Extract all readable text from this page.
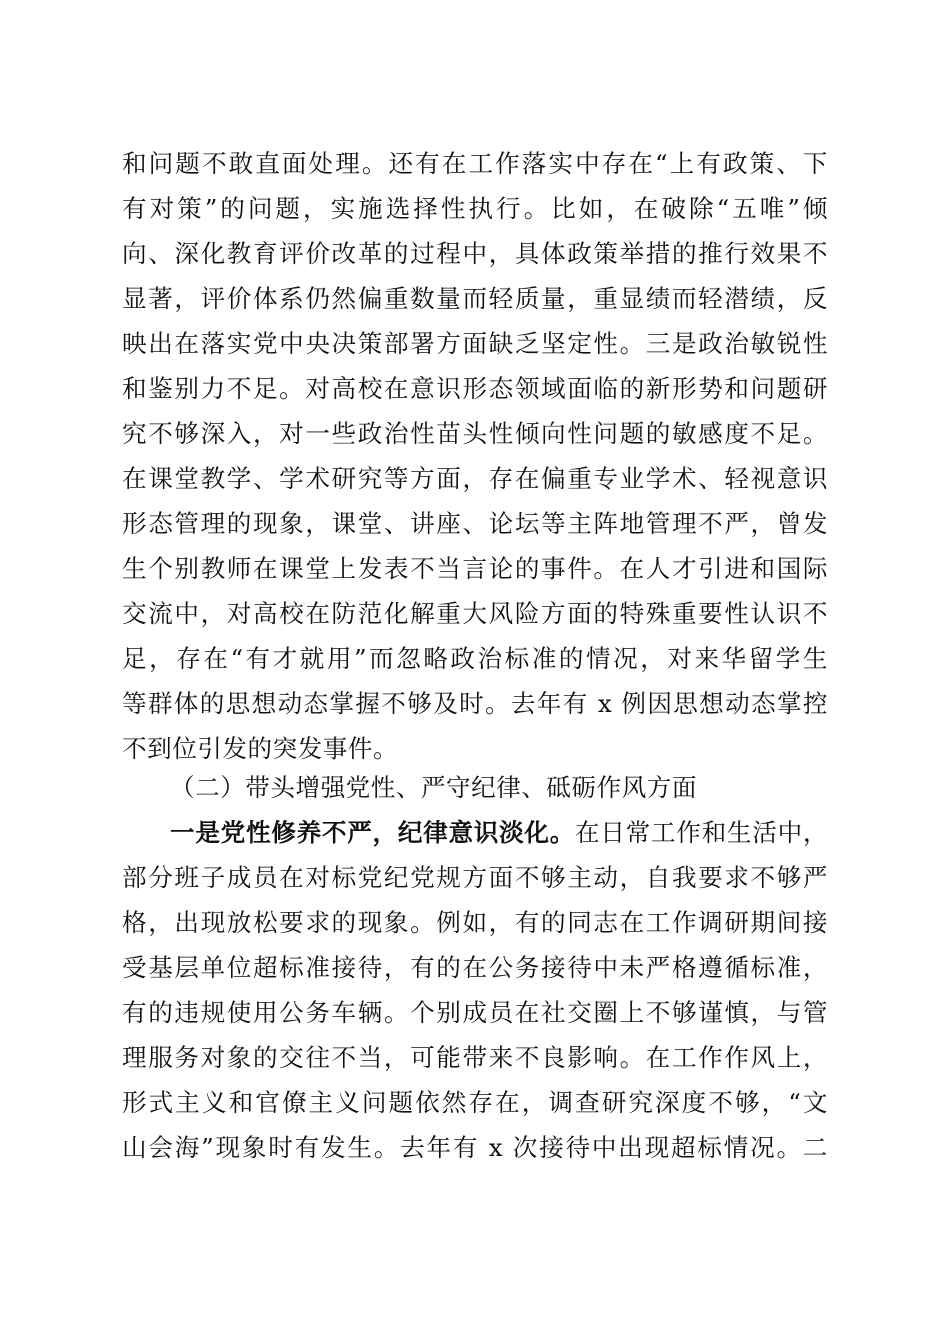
和问题不敢直面处理。还有在工作落实中存在“上有政策、下
有对策”的问题，实施选择性执行。比如，在破除“五唯”倾
向、深化教育评价改革的过程中，具体政策举措的推行效果不
显著，评价体系仍然偏重数量而轻质量，重显绩而轻潜绩，反
映出在落实党中央决策部署方面缺乏坚定性。三是政治敏锐性
和鉴别力不足。对高校在意识形态领域面临的新形势和问题研
究不够深入，对一些政治性苗头性倾向性问题的敏感度不足。
在课堂教学、学术研究等方面，存在偏重专业学术、轻视意识
形态管理的现象，课堂、讲座、论坛等主阵地管理不严，曾发
生个别教师在课堂上发表不当言论的事件。在人才引进和国际
交流中，对高校在防范化解重大风险方面的特殊重要性认识不
足，存在“有才就用”而忽略政治标准的情况，对来华留学生
等群体的思想动态掌握不够及时。去年有 x 例因思想动态掌控
不到位引发的突发事件。
（二）带头增强党性、严守纪律、砥砺作风方面
一是党性修养不严，纪律意识淡化。在日常工作和生活中，
部分班子成员在对标党纪党规方面不够主动，自我要求不够严
格，出现放松要求的现象。例如，有的同志在工作调研期间接
受基层单位超标准接待，有的在公务接待中未严格遵循标准，
有的违规使用公务车辆。个别成员在社交圈上不够谨慎，与管
理服务对象的交往不当，可能带来不良影响。在工作作风上，
形式主义和官僚主义问题依然存在，调查研究深度不够，“文
山会海”现象时有发生。去年有 x 次接待中出现超标情况。二
